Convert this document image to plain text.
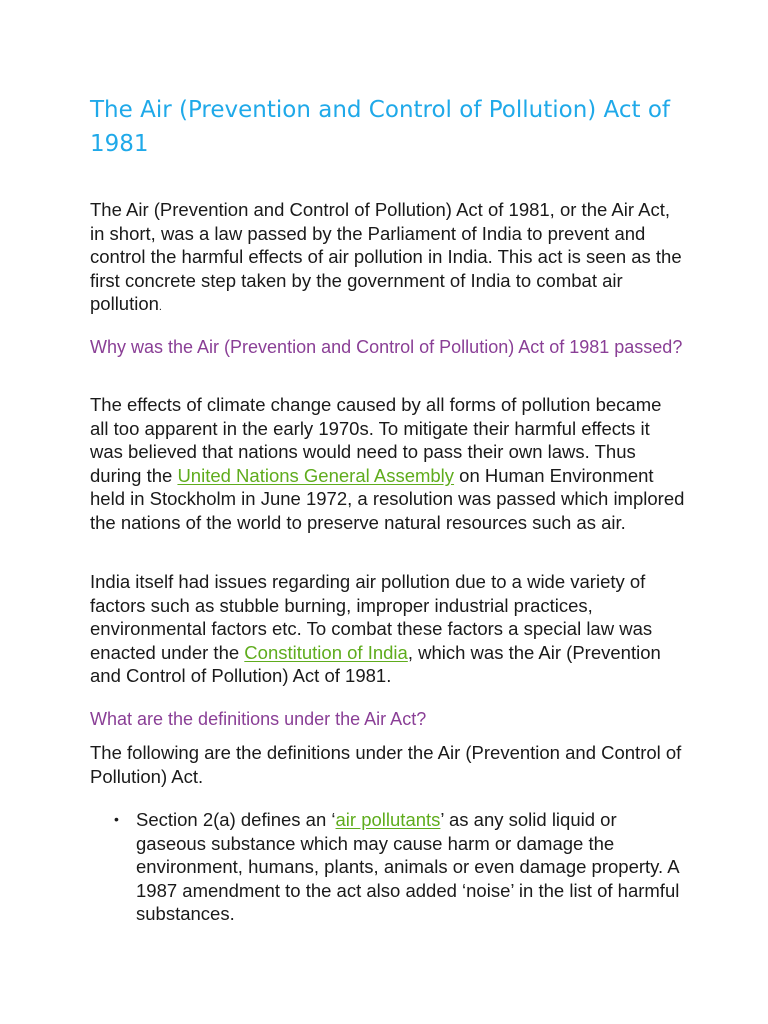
The Air (Prevention and Control of Pollution) Act of 1981

The Air (Prevention and Control of Pollution) Act of 1981, or the Air Act, in short, was a law passed by the Parliament of India to prevent and control the harmful effects of air pollution in India. This act is seen as the first concrete step taken by the government of India to combat air pollution.

Why was the Air (Prevention and Control of Pollution) Act of 1981 passed?

The effects of climate change caused by all forms of pollution became all too apparent in the early 1970s. To mitigate their harmful effects it was believed that nations would need to pass their own laws. Thus during the United Nations General Assembly on Human Environment held in Stockholm in June 1972, a resolution was passed which implored the nations of the world to preserve natural resources such as air.

India itself had issues regarding air pollution due to a wide variety of factors such as stubble burning, improper industrial practices, environmental factors etc. To combat these factors a special law was enacted under the Constitution of India, which was the Air (Prevention and Control of Pollution) Act of 1981.

What are the definitions under the Air Act?

The following are the definitions under the Air (Prevention and Control of Pollution) Act.

• Section 2(a) defines an ‘air pollutants’ as any solid liquid or gaseous substance which may cause harm or damage the environment, humans, plants, animals or even damage property. A 1987 amendment to the act also added ‘noise’ in the list of harmful substances.
